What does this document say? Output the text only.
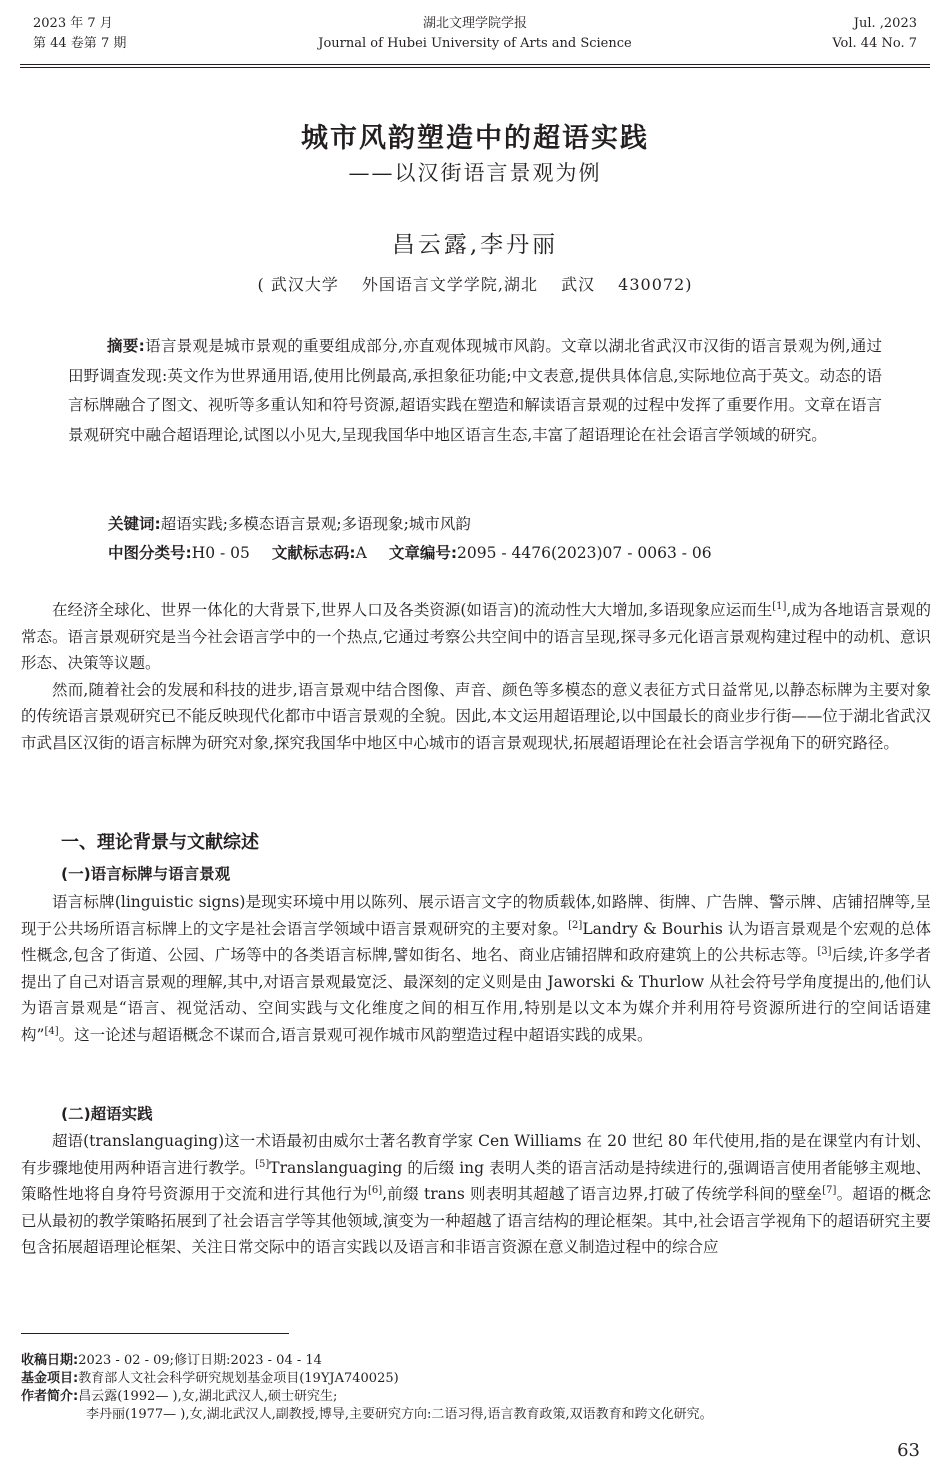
2023 年 7 月
第 44 卷第 7 期
湖北文理学院学报
Journal of Hubei University of Arts and Science
Jul. ,2023
Vol. 44 No. 7
城市风韵塑造中的超语实践
——以汉街语言景观为例
昌云露,李丹丽
( 武汉大学　 外国语言文学学院,湖北　 武汉　 430072)
摘要:语言景观是城市景观的重要组成部分,亦直观体现城市风韵。文章以湖北省武汉市汉街的语言景观为例,通过田野调查发现:英文作为世界通用语,使用比例最高,承担象征功能;中文表意,提供具体信息,实际地位高于英文。动态的语言标牌融合了图文、视听等多重认知和符号资源,超语实践在塑造和解读语言景观的过程中发挥了重要作用。文章在语言景观研究中融合超语理论,试图以小见大,呈现我国华中地区语言生态,丰富了超语理论在社会语言学领域的研究。
关键词:超语实践;多模态语言景观;多语现象;城市风韵
中图分类号:H0 - 05 文献标志码:A 文章编号:2095 - 4476(2023)07 - 0063 - 06

在经济全球化、世界一体化的大背景下,世界人口及各类资源(如语言)的流动性大大增加,多语现象应运而生[1],成为各地语言景观的常态。语言景观研究是当今社会语言学中的一个热点,它通过考察公共空间中的语言呈现,探寻多元化语言景观构建过程中的动机、意识形态、决策等议题。

然而,随着社会的发展和科技的进步,语言景观中结合图像、声音、颜色等多模态的意义表征方式日益常见,以静态标牌为主要对象的传统语言景观研究已不能反映现代化都市中语言景观的全貌。因此,本文运用超语理论,以中国最长的商业步行街——位于湖北省武汉市武昌区汉街的语言标牌为研究对象,探究我国华中地区中心城市的语言景观现状,拓展超语理论在社会语言学视角下的研究路径。

一、理论背景与文献综述
(一)语言标牌与语言景观

语言标牌(linguistic signs)是现实环境中用以陈列、展示语言文字的物质载体,如路牌、街牌、广告牌、警示牌、店铺招牌等,呈现于公共场所语言标牌上的文字是社会语言学领域中语言景观研究的主要对象。[2]Landry & Bourhis 认为语言景观是个宏观的总体性概念,包含了街道、公园、广场等中的各类语言标牌,譬如街名、地名、商业店铺招牌和政府建筑上的公共标志等。[3]后续,许多学者提出了自己对语言景观的理解,其中,对语言景观最宽泛、最深刻的定义则是由 Jaworski & Thurlow 从社会符号学角度提出的,他们认为语言景观是“语言、视觉活动、空间实践与文化维度之间的相互作用,特别是以文本为媒介并利用符号资源所进行的空间话语建构”[4]。这一论述与超语概念不谋而合,语言景观可视作城市风韵塑造过程中超语实践的成果。

(二)超语实践

超语(translanguaging)这一术语最初由威尔士著名教育学家 Cen Williams 在 20 世纪 80 年代使用,指的是在课堂内有计划、有步骤地使用两种语言进行教学。[5]Translanguaging 的后缀 ing 表明人类的语言活动是持续进行的,强调语言使用者能够主观地、策略性地将自身符号资源用于交流和进行其他行为[6],前缀 trans 则表明其超越了语言边界,打破了传统学科间的壁垒[7]。超语的概念已从最初的教学策略拓展到了社会语言学等其他领域,演变为一种超越了语言结构的理论框架。其中,社会语言学视角下的超语研究主要包含拓展超语理论框架、关注日常交际中的语言实践以及语言和非语言资源在意义制造过程中的综合应

收稿日期:2023 - 02 - 09;修订日期:2023 - 04 - 14
基金项目:教育部人文社会科学研究规划基金项目(19YJA740025)
作者简介:昌云露(1992— ),女,湖北武汉人,硕士研究生;
李丹丽(1977— ),女,湖北武汉人,副教授,博导,主要研究方向:二语习得,语言教育政策,双语教育和跨文化研究。
63
